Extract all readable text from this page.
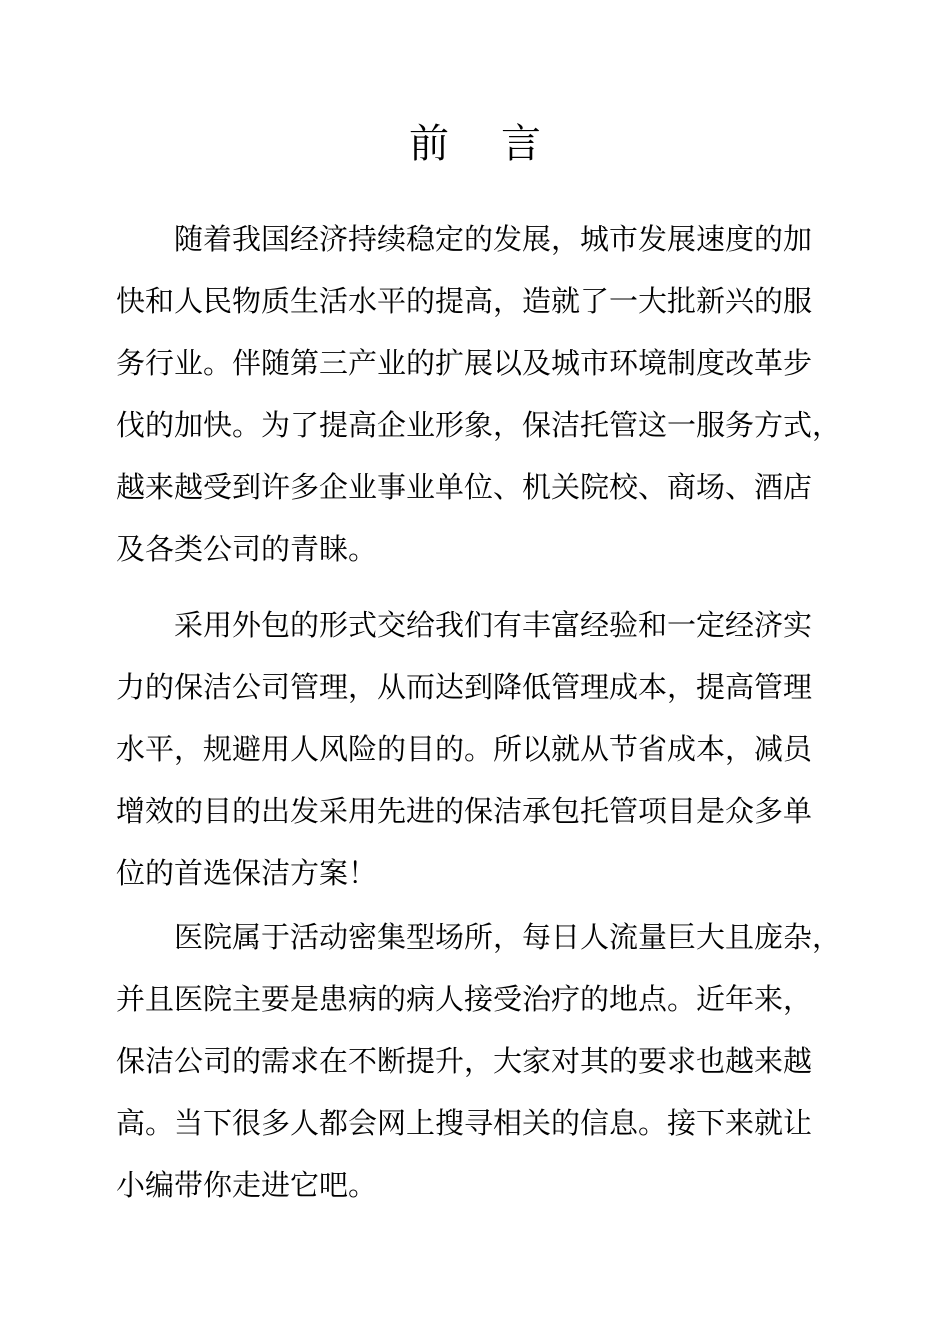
前 言
随着我国经济持续稳定的发展，城市发展速度的加
快和人民物质生活水平的提高，造就了一大批新兴的服
务行业。伴随第三产业的扩展以及城市环境制度改革步
伐的加快。为了提高企业形象，保洁托管这一服务方式，
越来越受到许多企业事业单位、机关院校、商场、酒店
及各类公司的青睐。
采用外包的形式交给我们有丰富经验和一定经济实
力的保洁公司管理，从而达到降低管理成本，提高管理
水平，规避用人风险的目的。所以就从节省成本，减员
增效的目的出发采用先进的保洁承包托管项目是众多单
位的首选保洁方案！
医院属于活动密集型场所，每日人流量巨大且庞杂，
并且医院主要是患病的病人接受治疗的地点。近年来，
保洁公司的需求在不断提升，大家对其的要求也越来越
高。当下很多人都会网上搜寻相关的信息。接下来就让
小编带你走进它吧。
